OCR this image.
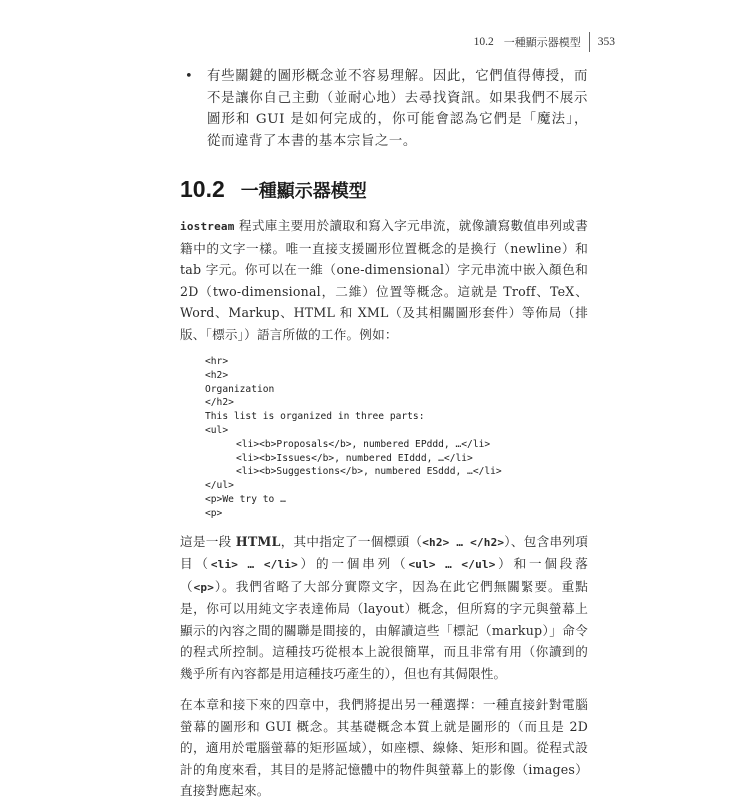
10.2 一種顯示器模型 353
• 有些關鍵的圖形概念並不容易理解。因此，它們值得傳授，而不是讓你自己主動（並耐心地）去尋找資訊。如果我們不展示圖形和 GUI 是如何完成的，你可能會認為它們是「魔法」，從而違背了本書的基本宗旨之一。
10.2 一種顯示器模型

iostream 程式庫主要用於讀取和寫入字元串流，就像讀寫數值串列或書籍中的文字一樣。唯一直接支援圖形位置概念的是換行（newline）和 tab 字元。你可以在一維（one-dimensional）字元串流中嵌入顏色和 2D（two-dimensional，二維）位置等概念。這就是 Troff、TeX、Word、Markup、HTML 和 XML（及其相關圖形套件）等佈局（排版、「標示」）語言所做的工作。例如：

<hr>
<h2>
Organization
</h2>
This list is organized in three parts:
<ul>
<li><b>Proposals</b>, numbered EPddd, …</li>
<li><b>Issues</b>, numbered EIddd, …</li>
<li><b>Suggestions</b>, numbered ESddd, …</li>
</ul>
<p>We try to …
<p>

這是一段 HTML，其中指定了一個標頭（<h2> … </h2>）、包含串列項目（<li> … </li>）的一個串列（<ul> … </ul>）和一個段落（<p>）。我們省略了大部分實際文字，因為在此它們無關緊要。重點是，你可以用純文字表達佈局（layout）概念，但所寫的字元與螢幕上顯示的內容之間的關聯是間接的，由解讀這些「標記（markup）」命令的程式所控制。這種技巧從根本上說很簡單，而且非常有用（你讀到的幾乎所有內容都是用這種技巧產生的），但也有其侷限性。

在本章和接下來的四章中，我們將提出另一種選擇：一種直接針對電腦螢幕的圖形和 GUI 概念。其基礎概念本質上就是圖形的（而且是 2D 的，適用於電腦螢幕的矩形區域），如座標、線條、矩形和圓。從程式設計的角度來看，其目的是將記憶體中的物件與螢幕上的影像（images）直接對應起來。
